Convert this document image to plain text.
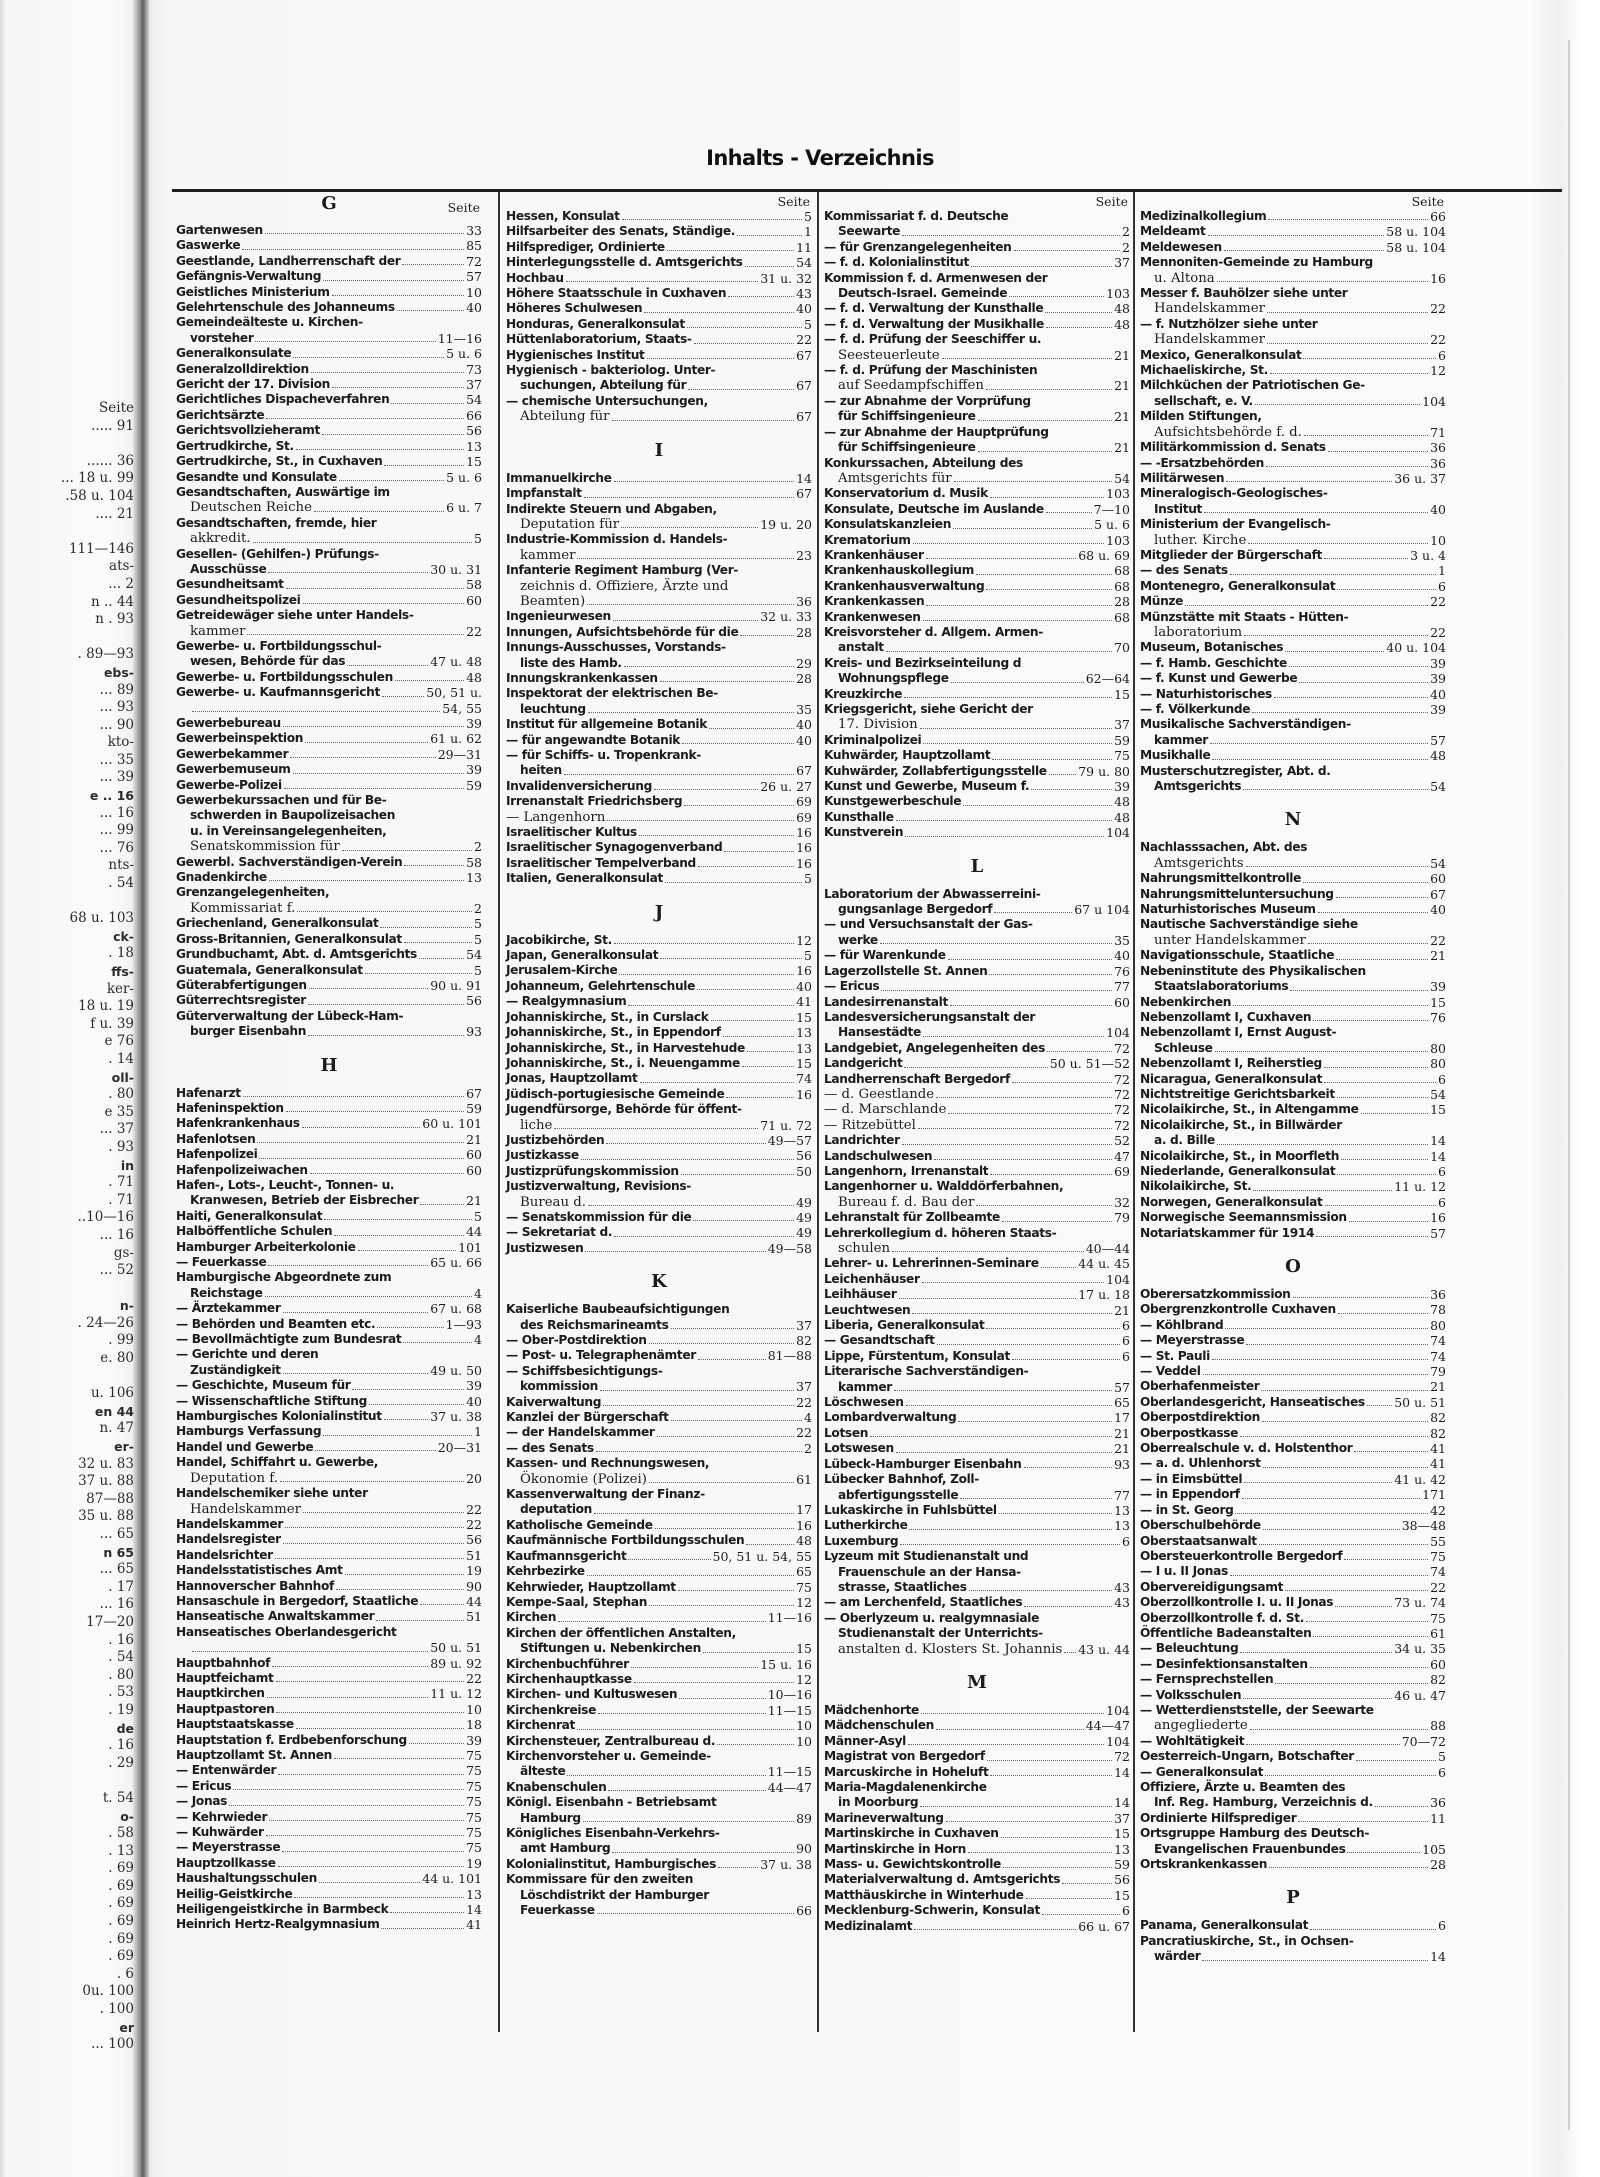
Seite
..... 91

...... 36
... 18 u. 99
.58 u. 104
.... 21

111—146
ats-
... 2
n .. 44
n . 93

. 89—93
ebs-
... 89
... 93
... 90
kto-
... 35
... 39
e .. 16
... 16
... 99
... 76
nts-
. 54

68 u. 103
ck-
. 18
ffs-
ker-
18 u. 19
f u. 39
e 76
. 14
oll-
. 80
e 35
... 37
. 93
in
. 71
. 71
..10—16
... 16
gs-
... 52

n-
. 24—26
. 99
e. 80

u. 106
en 44
n. 47
er-
32 u. 83
37 u. 88
87—88
35 u. 88
... 65
n 65
... 65
. 17
... 16
17—20
. 16
. 54
. 80
. 53
. 19
de
. 16
. 29

t. 54
o-
. 58
. 13
. 69
. 69
. 69
. 69
. 69
. 69
. 6
0u. 100
. 100
er
... 100
Inhalts - Verzeichnis
G	Seite
Gartenwesen	33
Gaswerke	85
Geestlande, Landherrenschaft der	72
Gefängnis-Verwaltung	57
Geistliches Ministerium	10
Gelehrtenschule des Johanneums	40
Gemeindeälteste u. Kirchen-
vorsteher	11—16
Generalkonsulate	5 u. 6
Generalzolldirektion	73
Gericht der 17. Division	37
Gerichtliches Dispacheverfahren	54
Gerichtsärzte	66
Gerichtsvollzieheramt	56
Gertrudkirche, St.	13
Gertrudkirche, St., in Cuxhaven	15
Gesandte und Konsulate	5 u. 6
Gesandtschaften, Auswärtige im
Deutschen Reiche	6 u. 7
Gesandtschaften, fremde, hier
akkredit.	5
Gesellen- (Gehilfen-) Prüfungs-
Ausschüsse	30 u. 31
Gesundheitsamt	58
Gesundheitspolizei	60
Getreidewäger siehe unter Handels-
kammer	22
Gewerbe- u. Fortbildungsschul-
wesen, Behörde für das	47 u. 48
Gewerbe- u. Fortbildungsschulen	48
Gewerbe- u. Kaufmannsgericht	50, 51 u.
54, 55
Gewerbebureau	39
Gewerbeinspektion	61 u. 62
Gewerbekammer	29—31
Gewerbemuseum	39
Gewerbe-Polizei	59
Gewerbekurssachen und für Be-
schwerden in Baupolizeisachen
u. in Vereinsangelegenheiten,
Senatskommission für	2
Gewerbl. Sachverständigen-Verein	58
Gnadenkirche	13
Grenzangelegenheiten,
Kommissariat f.	2
Griechenland, Generalkonsulat	5
Gross-Britannien, Generalkonsulat	5
Grundbuchamt, Abt. d. Amtsgerichts	54
Guatemala, Generalkonsulat	5
Güterabfertigungen	90 u. 91
Güterrechtsregister	56
Güterverwaltung der Lübeck-Ham-
burger Eisenbahn	93
H
Hafenarzt	67
Hafeninspektion	59
Hafenkrankenhaus	60 u. 101
Hafenlotsen	21
Hafenpolizei	60
Hafenpolizeiwachen	60
Hafen-, Lots-, Leucht-, Tonnen- u.
Kranwesen, Betrieb der Eisbrecher	21
Haiti, Generalkonsulat	5
Halböffentliche Schulen	44
Hamburger Arbeiterkolonie	101
— Feuerkasse	65 u. 66
Hamburgische Abgeordnete zum
Reichstage	4
— Ärztekammer	67 u. 68
— Behörden und Beamten etc.	1—93
— Bevollmächtigte zum Bundesrat	4
— Gerichte und deren
Zuständigkeit	49 u. 50
— Geschichte, Museum für	39
— Wissenschaftliche Stiftung	40
Hamburgisches Kolonialinstitut	37 u. 38
Hamburgs Verfassung	1
Handel und Gewerbe	20—31
Handel, Schiffahrt u. Gewerbe,
Deputation f.	20
Handelschemiker siehe unter
Handelskammer	22
Handelskammer	22
Handelsregister	56
Handelsrichter	51
Handelsstatistisches Amt	19
Hannoverscher Bahnhof	90
Hansaschule in Bergedorf, Staatliche	44
Hanseatische Anwaltskammer	51
Hanseatisches Oberlandesgericht
50 u. 51
Hauptbahnhof	89 u. 92
Hauptfeichamt	22
Hauptkirchen	11 u. 12
Hauptpastoren	10
Hauptstaatskasse	18
Hauptstation f. Erdbebenforschung	39
Hauptzollamt St. Annen	75
— Entenwärder	75
— Ericus	75
— Jonas	75
— Kehrwieder	75
— Kuhwärder	75
— Meyerstrasse	75
Hauptzollkasse	19
Haushaltungsschulen	44 u. 101
Heilig-Geistkirche	13
Heiligengeistkirche in Barmbeck	14
Heinrich Hertz-Realgymnasium	41
Seite
Hessen, Konsulat	5
Hilfsarbeiter des Senats, Ständige.	1
Hilfsprediger, Ordinierte	11
Hinterlegungsstelle d. Amtsgerichts	54
Hochbau	31 u. 32
Höhere Staatsschule in Cuxhaven	43
Höheres Schulwesen	40
Honduras, Generalkonsulat	5
Hüttenlaboratorium, Staats-	22
Hygienisches Institut	67
Hygienisch - bakteriolog. Unter-
suchungen, Abteilung für	67
— chemische Untersuchungen,
Abteilung für	67
I
Immanuelkirche	14
Impfanstalt	67
Indirekte Steuern und Abgaben,
Deputation für	19 u. 20
Industrie-Kommission d. Handels-
kammer	23
Infanterie Regiment Hamburg (Ver-
zeichnis d. Offiziere, Ärzte und
Beamten)	36
Ingenieurwesen	32 u. 33
Innungen, Aufsichtsbehörde für die	28
Innungs-Ausschusses, Vorstands-
liste des Hamb.	29
Innungskrankenkassen	28
Inspektorat der elektrischen Be-
leuchtung	35
Institut für allgemeine Botanik	40
— für angewandte Botanik	40
— für Schiffs- u. Tropenkrank-
heiten	67
Invalidenversicherung	26 u. 27
Irrenanstalt Friedrichsberg	69
— Langenhorn	69
Israelitischer Kultus	16
Israelitischer Synagogenverband	16
Israelitischer Tempelverband	16
Italien, Generalkonsulat	5
J
Jacobikirche, St.	12
Japan, Generalkonsulat	5
Jerusalem-Kirche	16
Johanneum, Gelehrtenschule	40
— Realgymnasium	41
Johanniskirche, St., in Curslack	15
Johanniskirche, St., in Eppendorf	13
Johanniskirche, St., in Harvestehude	13
Johanniskirche, St., i. Neuengamme	15
Jonas, Hauptzollamt	74
Jüdisch-portugiesische Gemeinde	16
Jugendfürsorge, Behörde für öffent-
liche	71 u. 72
Justizbehörden	49—57
Justizkasse	56
Justizprüfungskommission	50
Justizverwaltung, Revisions-
Bureau d.	49
— Senatskommission für die	49
— Sekretariat d.	49
Justizwesen	49—58
K
Kaiserliche Baubeaufsichtigungen
des Reichsmarineamts	37
— Ober-Postdirektion	82
— Post- u. Telegraphenämter	81—88
— Schiffsbesichtigungs-
kommission	37
Kaiverwaltung	22
Kanzlei der Bürgerschaft	4
— der Handelskammer	22
— des Senats	2
Kassen- und Rechnungswesen,
Ökonomie (Polizei)	61
Kassenverwaltung der Finanz-
deputation	17
Katholische Gemeinde	16
Kaufmännische Fortbildungsschulen	48
Kaufmannsgericht	50, 51 u. 54, 55
Kehrbezirke	65
Kehrwieder, Hauptzollamt	75
Kempe-Saal, Stephan	12
Kirchen	11—16
Kirchen der öffentlichen Anstalten,
Stiftungen u. Nebenkirchen	15
Kirchenbuchführer	15 u. 16
Kirchenhauptkasse	12
Kirchen- und Kultuswesen	10—16
Kirchenkreise	11—15
Kirchenrat	10
Kirchensteuer, Zentralbureau d.	10
Kirchenvorsteher u. Gemeinde-
älteste	11—15
Knabenschulen	44—47
Königl. Eisenbahn - Betriebsamt
Hamburg	89
Königliches Eisenbahn-Verkehrs-
amt Hamburg	90
Kolonialinstitut, Hamburgisches	37 u. 38
Kommissare für den zweiten
Löschdistrikt der Hamburger
Feuerkasse	66
Seite
Kommissariat f. d. Deutsche
Seewarte	2
— für Grenzangelegenheiten	2
— f. d. Kolonialinstitut	37
Kommission f. d. Armenwesen der
Deutsch-Israel. Gemeinde	103
— f. d. Verwaltung der Kunsthalle	48
— f. d. Verwaltung der Musikhalle	48
— f. d. Prüfung der Seeschiffer u.
Seesteuerleute	21
— f. d. Prüfung der Maschinisten
auf Seedampfschiffen	21
— zur Abnahme der Vorprüfung
für Schiffsingenieure	21
— zur Abnahme der Hauptprüfung
für Schiffsingenieure	21
Konkurssachen, Abteilung des
Amtsgerichts für	54
Konservatorium d. Musik	103
Konsulate, Deutsche im Auslande	7—10
Konsulatskanzleien	5 u. 6
Krematorium	103
Krankenhäuser	68 u. 69
Krankenhauskollegium	68
Krankenhausverwaltung	68
Krankenkassen	28
Krankenwesen	68
Kreisvorsteher d. Allgem. Armen-
anstalt	70
Kreis- und Bezirkseinteilung d
Wohnungspflege	62—64
Kreuzkirche	15
Kriegsgericht, siehe Gericht der
17. Division	37
Kriminalpolizei	59
Kuhwärder, Hauptzollamt	75
Kuhwärder, Zollabfertigungsstelle	79 u. 80
Kunst und Gewerbe, Museum f.	39
Kunstgewerbeschule	48
Kunsthalle	48
Kunstverein	104
L
Laboratorium der Abwasserreini-
gungsanlage Bergedorf	67 u 104
— und Versuchsanstalt der Gas-
werke	35
— für Warenkunde	40
Lagerzollstelle St. Annen	76
— Ericus	77
Landesirrenanstalt	60
Landesversicherungsanstalt der
Hansestädte	104
Landgebiet, Angelegenheiten des	72
Landgericht	50 u. 51—52
Landherrenschaft Bergedorf	72
— d. Geestlande	72
— d. Marschlande	72
— Ritzebüttel	72
Landrichter	52
Landschulwesen	47
Langenhorn, Irrenanstalt	69
Langenhorner u. Walddörferbahnen,
Bureau f. d. Bau der	32
Lehranstalt für Zollbeamte	79
Lehrerkollegium d. höheren Staats-
schulen	40—44
Lehrer- u. Lehrerinnen-Seminare	44 u. 45
Leichenhäuser	104
Leihhäuser	17 u. 18
Leuchtwesen	21
Liberia, Generalkonsulat	6
— Gesandtschaft	6
Lippe, Fürstentum, Konsulat	6
Literarische Sachverständigen-
kammer	57
Löschwesen	65
Lombardverwaltung	17
Lotsen	21
Lotswesen	21
Lübeck-Hamburger Eisenbahn	93
Lübecker Bahnhof, Zoll-
abfertigungsstelle	77
Lukaskirche in Fuhlsbüttel	13
Lutherkirche	13
Luxemburg	6
Lyzeum mit Studienanstalt und
Frauenschule an der Hansa-
strasse, Staatliches	43
— am Lerchenfeld, Staatliches	43
— Oberlyzeum u. realgymnasiale
Studienanstalt der Unterrichts-
anstalten d. Klosters St. Johannis 43 u. 44
M
Mädchenhorte	104
Mädchenschulen	44—47
Männer-Asyl	104
Magistrat von Bergedorf	72
Marcuskirche in Hoheluft	14
Maria-Magdalenenkirche
in Moorburg	14
Marineverwaltung	37
Martinskirche in Cuxhaven	15
Martinskirche in Horn	13
Mass- u. Gewichtskontrolle	59
Materialverwaltung d. Amtsgerichts	56
Matthäuskirche in Winterhude	15
Mecklenburg-Schwerin, Konsulat	6
Medizinalamt	66 u. 67
Seite
Medizinalkollegium	66
Meldeamt	58 u. 104
Meldewesen	58 u. 104
Mennoniten-Gemeinde zu Hamburg
u. Altona	16
Messer f. Bauhölzer siehe unter
Handelskammer	22
— f. Nutzhölzer siehe unter
Handelskammer	22
Mexico, Generalkonsulat	6
Michaeliskirche, St.	12
Milchküchen der Patriotischen Ge-
sellschaft, e. V.	104
Milden Stiftungen,
Aufsichtsbehörde f. d.	71
Militärkommission d. Senats	36
— -Ersatzbehörden	36
Militärwesen	36 u. 37
Mineralogisch-Geologisches-
Institut	40
Ministerium der Evangelisch-
luther. Kirche	10
Mitglieder der Bürgerschaft	3 u. 4
— des Senats	1
Montenegro, Generalkonsulat	6
Münze	22
Münzstätte mit Staats - Hütten-
laboratorium	22
Museum, Botanisches	40 u. 104
— f. Hamb. Geschichte	39
— f. Kunst und Gewerbe	39
— Naturhistorisches	40
— f. Völkerkunde	39
Musikalische Sachverständigen-
kammer	57
Musikhalle	48
Musterschutzregister, Abt. d.
Amtsgerichts	54
N
Nachlasssachen, Abt. des
Amtsgerichts	54
Nahrungsmittelkontrolle	60
Nahrungsmitteluntersuchung	67
Naturhistorisches Museum	40
Nautische Sachverständige siehe
unter Handelskammer	22
Navigationsschule, Staatliche	21
Nebeninstitute des Physikalischen
Staatslaboratoriums	39
Nebenkirchen	15
Nebenzollamt I, Cuxhaven	76
Nebenzollamt I, Ernst August-
Schleuse	80
Nebenzollamt I, Reiherstieg	80
Nicaragua, Generalkonsulat	6
Nichtstreitige Gerichtsbarkeit	54
Nicolaikirche, St., in Altengamme	15
Nicolaikirche, St., in Billwärder
a. d. Bille	14
Nicolaikirche, St., in Moorfleth	14
Niederlande, Generalkonsulat	6
Nikolaikirche, St.	11 u. 12
Norwegen, Generalkonsulat	6
Norwegische Seemannsmission	16
Notariatskammer für 1914	57
O
Oberersatzkommission	36
Obergrenzkontrolle Cuxhaven	78
— Köhlbrand	80
— Meyerstrasse	74
— St. Pauli	74
— Veddel	79
Oberhafenmeister	21
Oberlandesgericht, Hanseatisches 50 u. 51
Oberpostdirektion	82
Oberpostkasse	82
Oberrealschule v. d. Holstenthor	41
— a. d. Uhlenhorst	41
— in Eimsbüttel	41 u. 42
— in Eppendorf	171
— in St. Georg	42
Oberschulbehörde	38—48
Oberstaatsanwalt	55
Obersteuerkontrolle Bergedorf	75
— I u. II Jonas	74
Obervereidigungsamt	22
Oberzollkontrolle I. u. II Jonas	73 u. 74
Oberzollkontrolle f. d. St.	75
Öffentliche Badeanstalten	61
— Beleuchtung	34 u. 35
— Desinfektionsanstalten	60
— Fernsprechstellen	82
— Volksschulen	46 u. 47
— Wetterdienststelle, der Seewarte
angegliederte	88
— Wohltätigkeit	70—72
Oesterreich-Ungarn, Botschafter	5
— Generalkonsulat	6
Offiziere, Ärzte u. Beamten des
Inf. Reg. Hamburg, Verzeichnis d.	36
Ordinierte Hilfsprediger	11
Ortsgruppe Hamburg des Deutsch-
Evangelischen Frauenbundes	105
Ortskrankenkassen	28
P
Panama, Generalkonsulat	6
Pancratiuskirche, St., in Ochsen-
wärder	14
